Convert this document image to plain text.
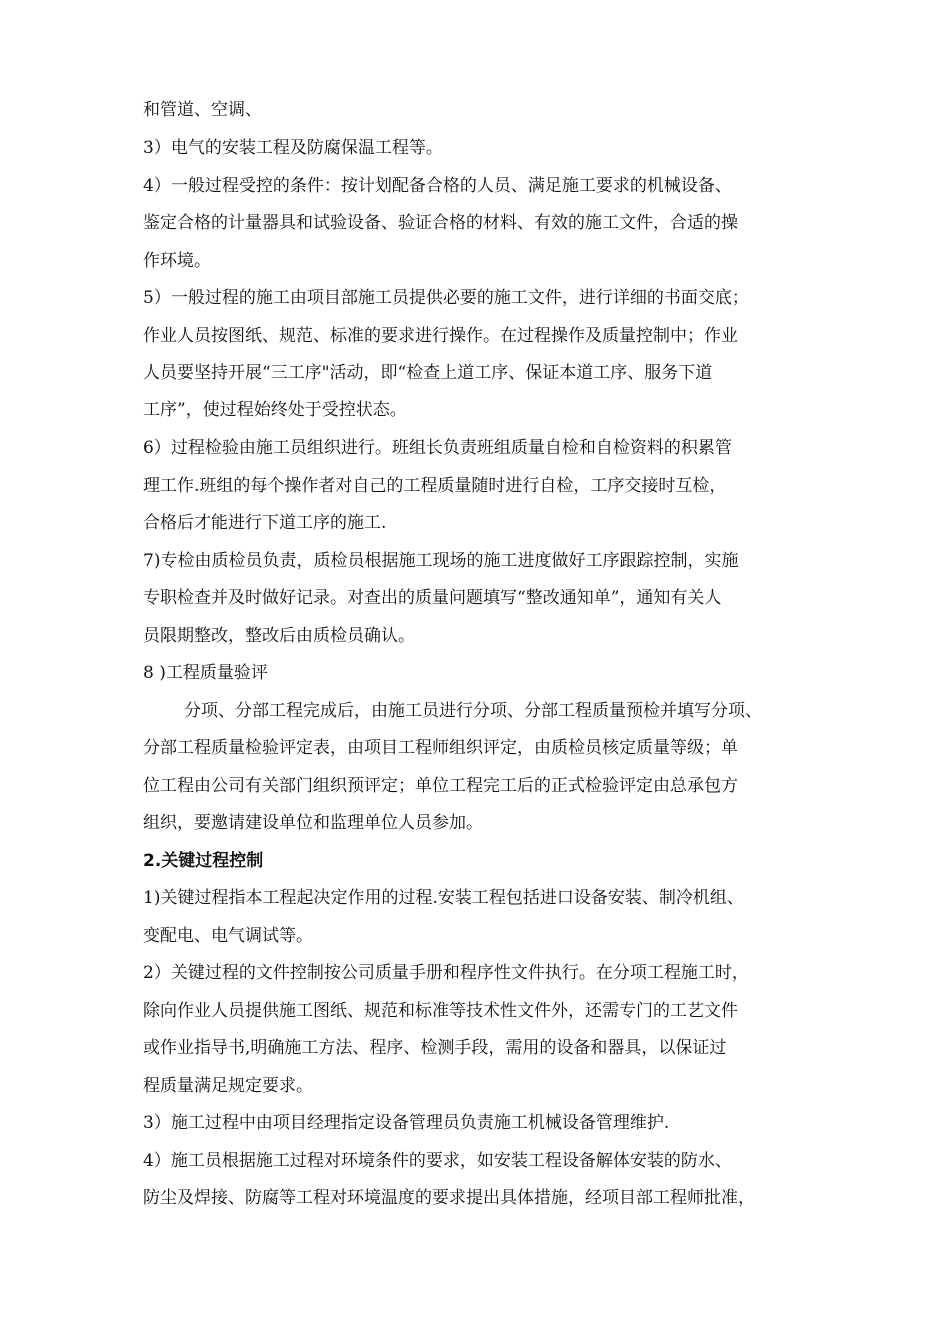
和管道、空调、

3）电气的安装工程及防腐保温工程等。

4）一般过程受控的条件：按计划配备合格的人员、满足施工要求的机械设备、

鉴定合格的计量器具和试验设备、验证合格的材料、有效的施工文件，合适的操

作环境。

5）一般过程的施工由项目部施工员提供必要的施工文件，进行详细的书面交底；

作业人员按图纸、规范、标准的要求进行操作。在过程操作及质量控制中；作业

人员要坚持开展“三工序"活动，即“检查上道工序、保证本道工序、服务下道

工序”，使过程始终处于受控状态。

6）过程检验由施工员组织进行。班组长负责班组质量自检和自检资料的积累管

理工作.班组的每个操作者对自己的工程质量随时进行自检，工序交接时互检，

合格后才能进行下道工序的施工.

7)专检由质检员负责，质检员根据施工现场的施工进度做好工序跟踪控制，实施

专职检查并及时做好记录。对查出的质量问题填写“整改通知单”，通知有关人

员限期整改，整改后由质检员确认。

8 )工程质量验评

分项、分部工程完成后，由施工员进行分项、分部工程质量预检并填写分项、

分部工程质量检验评定表，由项目工程师组织评定，由质检员核定质量等级；单

位工程由公司有关部门组织预评定；单位工程完工后的正式检验评定由总承包方

组织，要邀请建设单位和监理单位人员参加。

2.关键过程控制

1)关键过程指本工程起决定作用的过程.安装工程包括进口设备安装、制冷机组、

变配电、电气调试等。

2）关键过程的文件控制按公司质量手册和程序性文件执行。在分项工程施工时，

除向作业人员提供施工图纸、规范和标准等技术性文件外，还需专门的工艺文件

或作业指导书,明确施工方法、程序、检测手段，需用的设备和器具，以保证过

程质量满足规定要求。

3）施工过程中由项目经理指定设备管理员负责施工机械设备管理维护.

4）施工员根据施工过程对环境条件的要求，如安装工程设备解体安装的防水、

防尘及焊接、防腐等工程对环境温度的要求提出具体措施，经项目部工程师批准，
